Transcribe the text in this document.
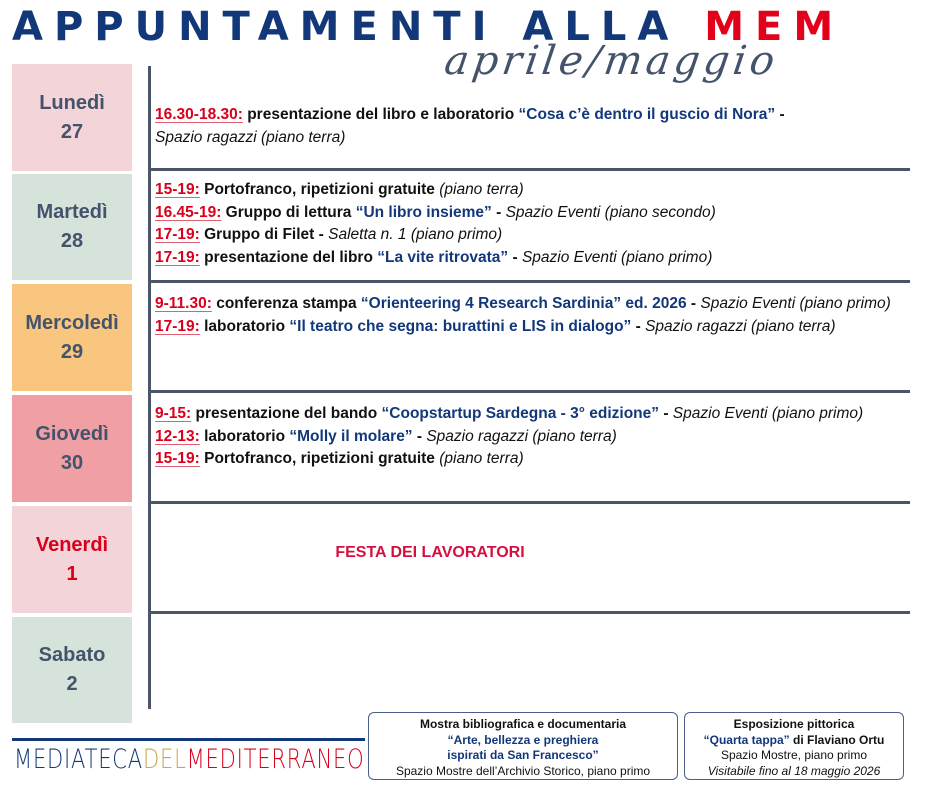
APPUNTAMENTI ALLA MEM
aprile/maggio
Lunedì
27
Martedì
28
Mercoledì
29
Giovedì
30
Venerdì
1
Sabato
2
16.30-18.30: presentazione del libro e laboratorio “Cosa c’è dentro il guscio di Nora” -
Spazio ragazzi (piano terra)
15-19: Portofranco, ripetizioni gratuite (piano terra)
16.45-19: Gruppo di lettura “Un libro insieme” - Spazio Eventi (piano secondo)
17-19: Gruppo di Filet - Saletta n. 1 (piano primo)
17-19: presentazione del libro “La vite ritrovata” - Spazio Eventi (piano primo)
9-11.30: conferenza stampa “Orienteering 4 Research Sardinia” ed. 2026 - Spazio Eventi (piano primo)
17-19: laboratorio “Il teatro che segna: burattini e LIS in dialogo” - Spazio ragazzi (piano terra)
9-15: presentazione del bando “Coopstartup Sardegna - 3° edizione” - Spazio Eventi (piano primo)
12-13: laboratorio “Molly il molare” - Spazio ragazzi (piano terra)
15-19: Portofranco, ripetizioni gratuite (piano terra)
FESTA DEI LAVORATORI
MEDIATECADELMEDITERRANEO
Mostra bibliografica e documentaria
“Arte, bellezza e preghiera
ispirati da San Francesco”
Spazio Mostre dell’Archivio Storico, piano primo
Esposizione pittorica
“Quarta tappa” di Flaviano Ortu
Spazio Mostre, piano primo
Visitabile fino al 18 maggio 2026
